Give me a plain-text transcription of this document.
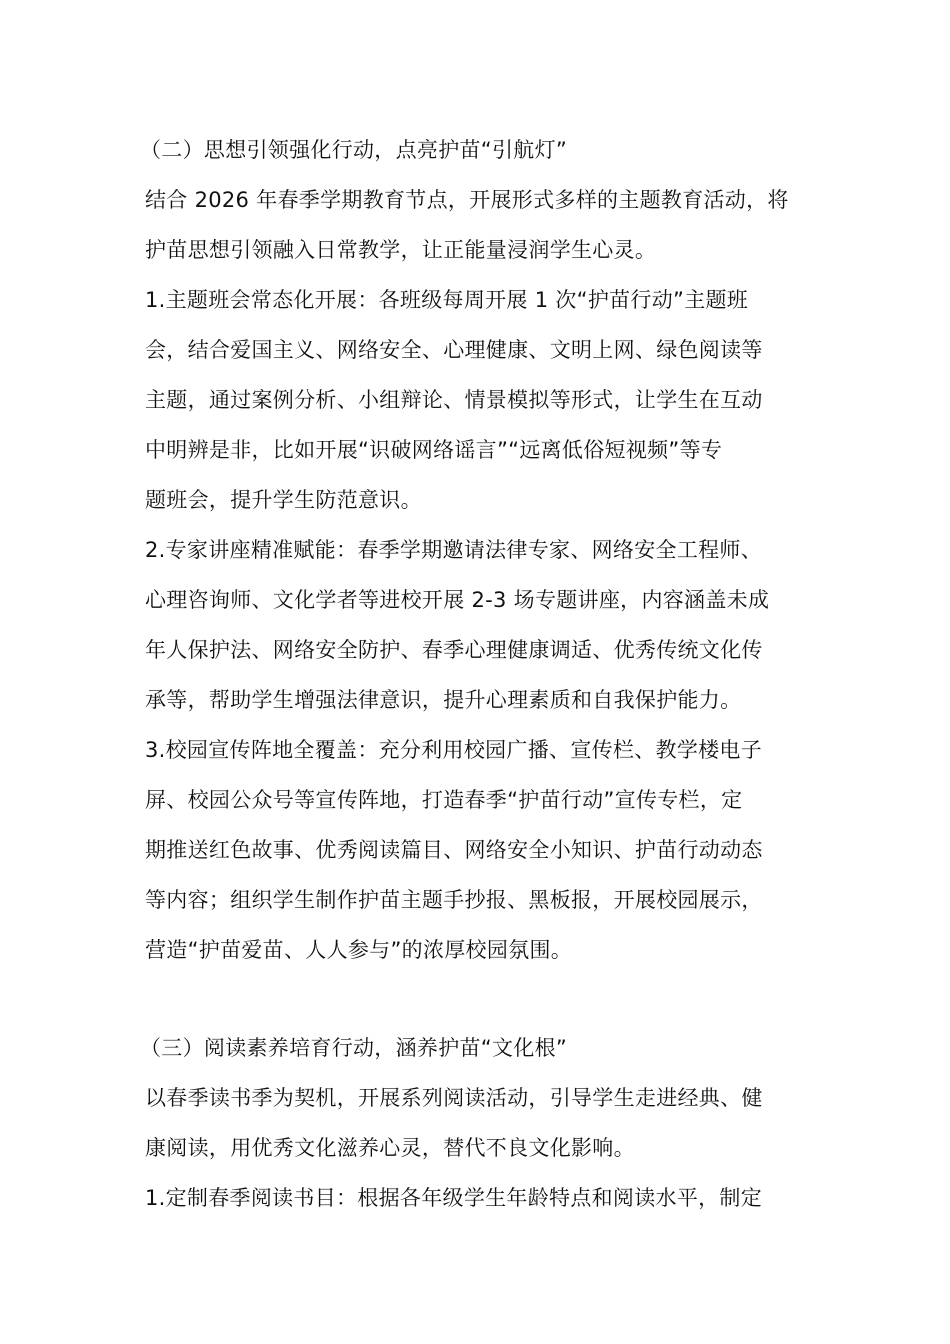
（二）思想引领强化行动，点亮护苗“引航灯”
结合 2026 年春季学期教育节点，开展形式多样的主题教育活动，将
护苗思想引领融入日常教学，让正能量浸润学生心灵。
1.主题班会常态化开展：各班级每周开展 1 次“护苗行动”主题班
会，结合爱国主义、网络安全、心理健康、文明上网、绿色阅读等
主题，通过案例分析、小组辩论、情景模拟等形式，让学生在互动
中明辨是非，比如开展“识破网络谣言”“远离低俗短视频”等专
题班会，提升学生防范意识。
2.专家讲座精准赋能：春季学期邀请法律专家、网络安全工程师、
心理咨询师、文化学者等进校开展 2-3 场专题讲座，内容涵盖未成
年人保护法、网络安全防护、春季心理健康调适、优秀传统文化传
承等，帮助学生增强法律意识，提升心理素质和自我保护能力。
3.校园宣传阵地全覆盖：充分利用校园广播、宣传栏、教学楼电子
屏、校园公众号等宣传阵地，打造春季“护苗行动”宣传专栏，定
期推送红色故事、优秀阅读篇目、网络安全小知识、护苗行动动态
等内容；组织学生制作护苗主题手抄报、黑板报，开展校园展示，
营造“护苗爱苗、人人参与”的浓厚校园氛围。
（三）阅读素养培育行动，涵养护苗“文化根”
以春季读书季为契机，开展系列阅读活动，引导学生走进经典、健
康阅读，用优秀文化滋养心灵，替代不良文化影响。
1.定制春季阅读书目：根据各年级学生年龄特点和阅读水平，制定
